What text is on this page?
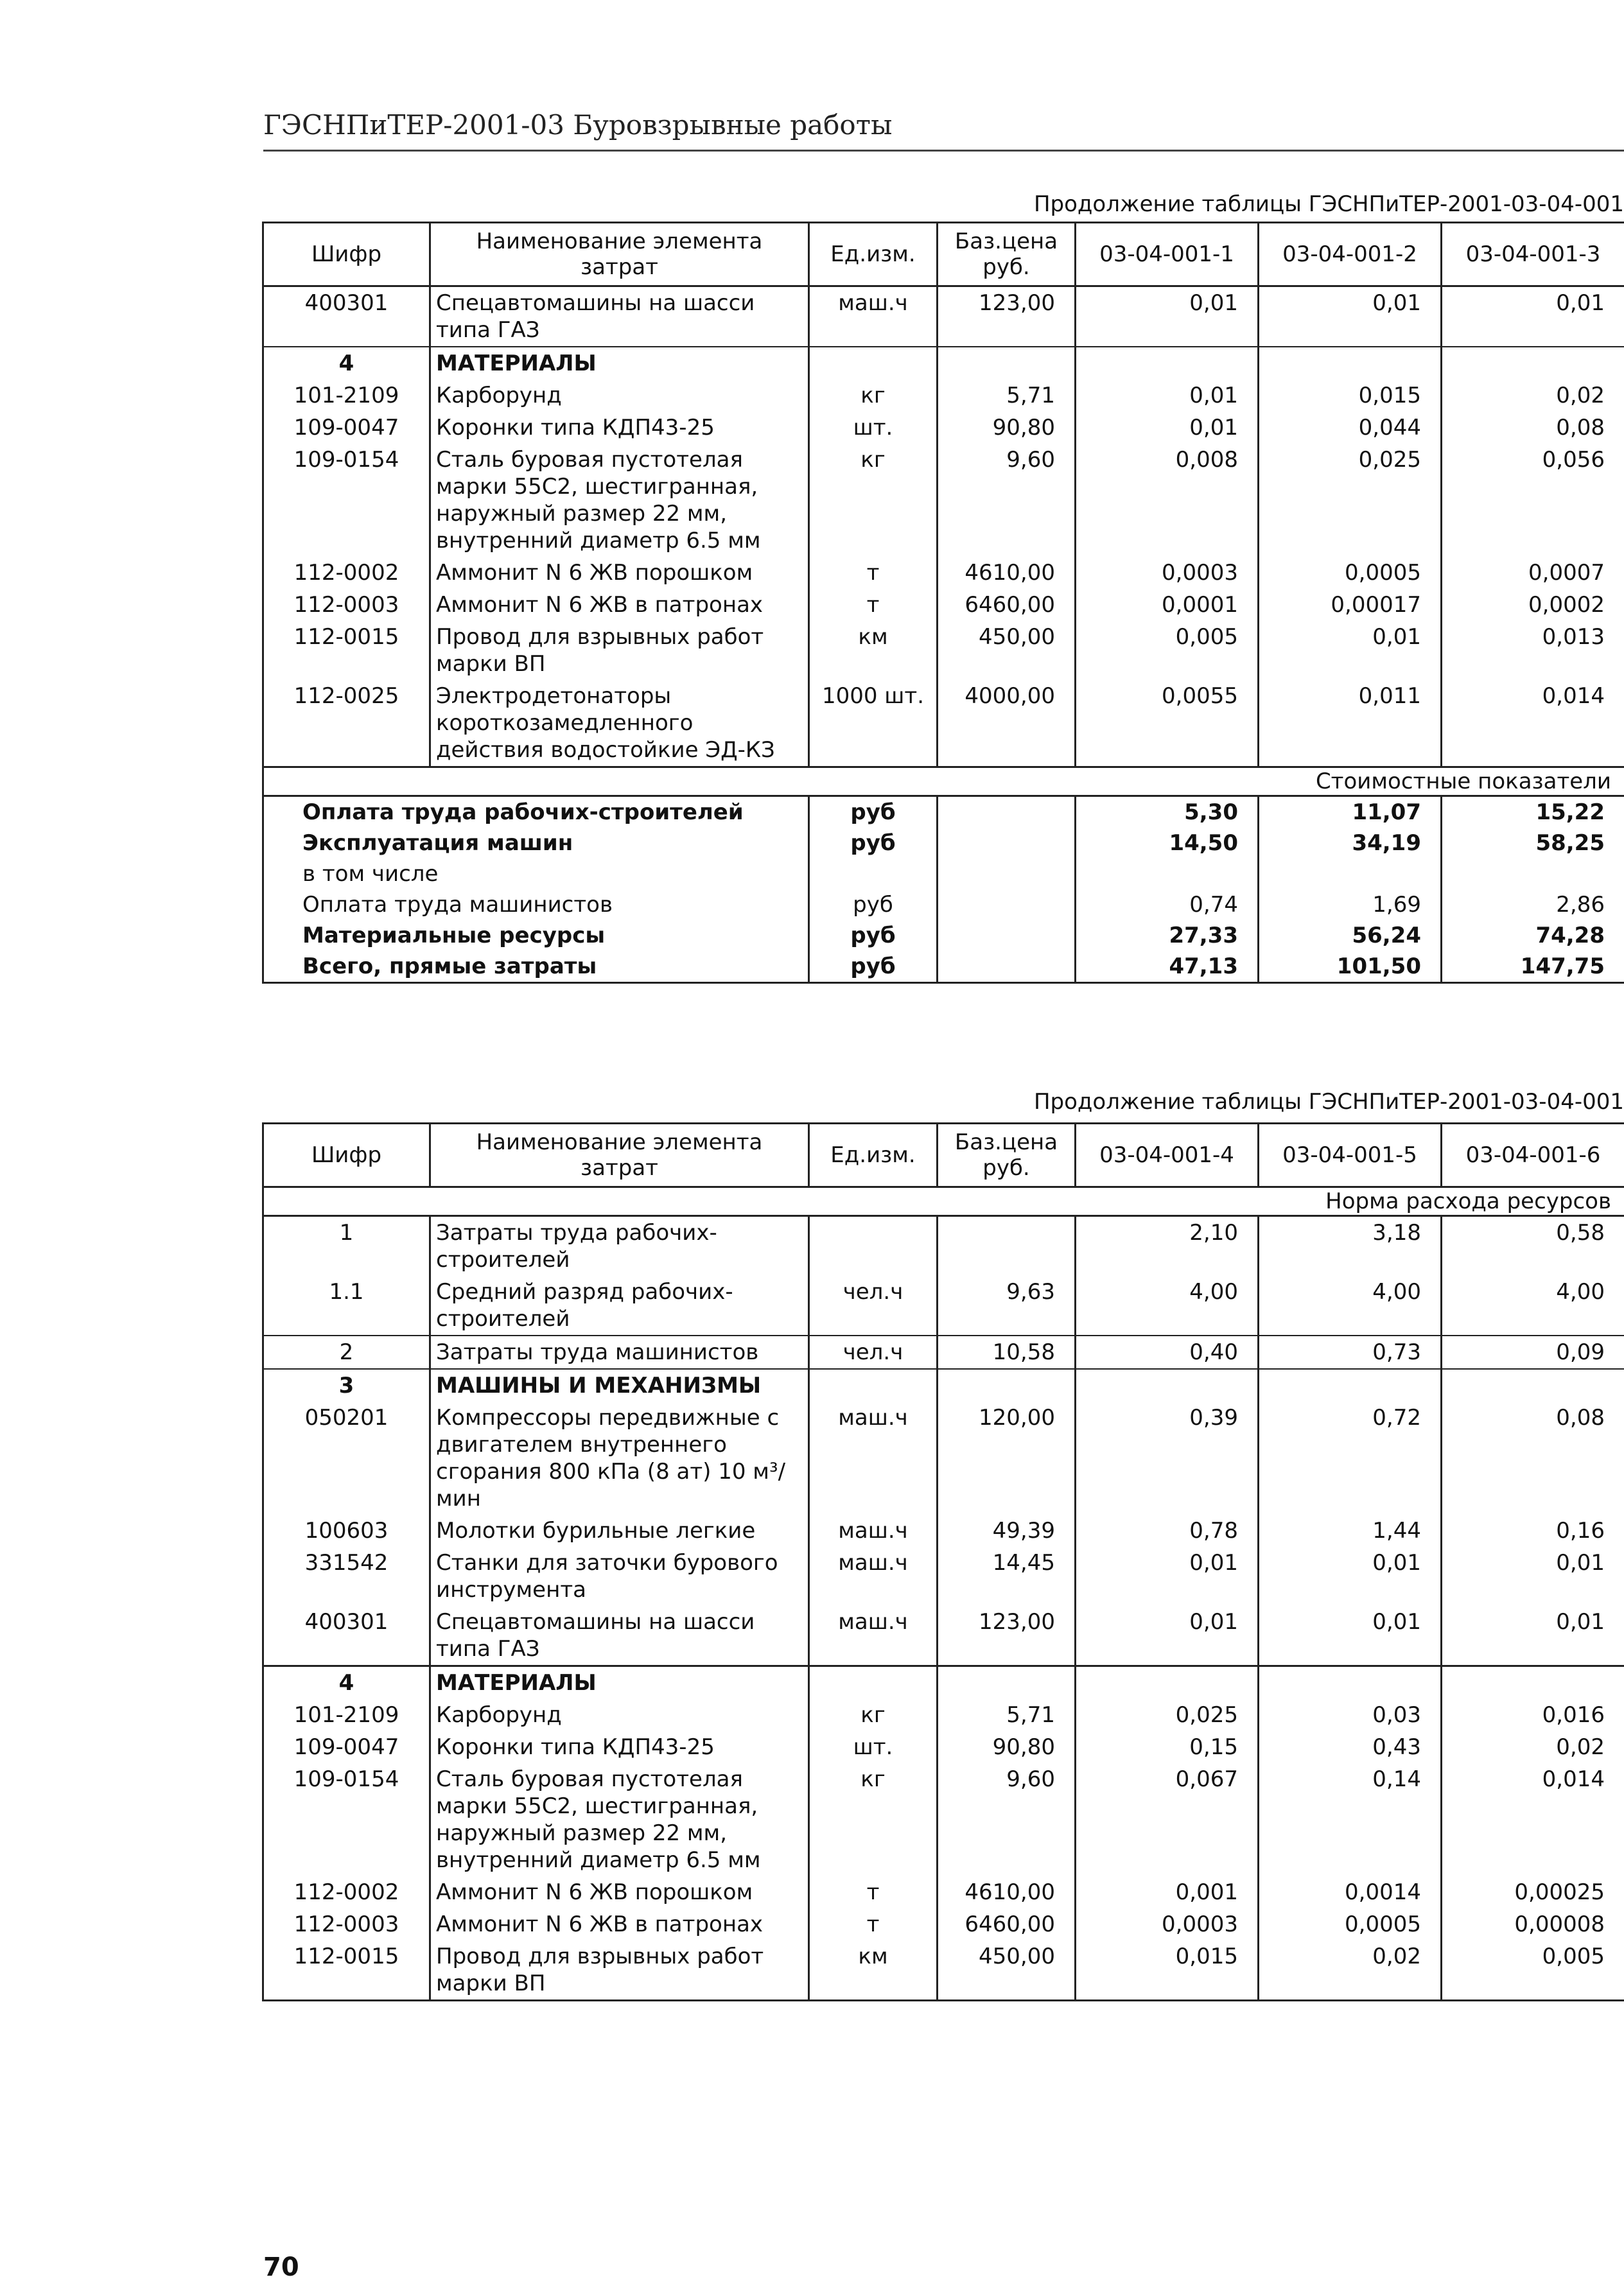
ГЭСНПиТЕР-2001-03 Буровзрывные работы
Продолжение таблицы ГЭСНПиТЕР-2001-03-04-001
Шифр	Наименование элемента затрат	Ед.изм.	Баз.цена руб.	03-04-001-1	03-04-001-2	03-04-001-3
400301	Спецавтомашины на шасси типа ГАЗ	маш.ч	123,00	0,01	0,01	0,01
4	МАТЕРИАЛЫ					
101-2109	Карборунд	кг	5,71	0,01	0,015	0,02
109-0047	Коронки типа КДП43-25	шт.	90,80	0,01	0,044	0,08
109-0154	Сталь буровая пустотелая марки 55С2, шестигранная, наружный размер 22 мм, внутренний диаметр 6.5 мм	кг	9,60	0,008	0,025	0,056
112-0002	Аммонит N 6 ЖВ порошком	т	4610,00	0,0003	0,0005	0,0007
112-0003	Аммонит N 6 ЖВ в патронах	т	6460,00	0,0001	0,00017	0,0002
112-0015	Провод для взрывных работ марки ВП	км	450,00	0,005	0,01	0,013
112-0025	Электродетонаторы короткозамедленного действия водостойкие ЭД-КЗ	1000 шт.	4000,00	0,0055	0,011	0,014
Стоимостные показатели						
Оплата труда рабочих-строителей		руб		5,30	11,07	15,22
Эксплуатация машин		руб		14,50	34,19	58,25
в том числе						
Оплата труда машинистов		руб		0,74	1,69	2,86
Материальные ресурсы		руб		27,33	56,24	74,28
Всего, прямые затраты		руб		47,13	101,50	147,75
Продолжение таблицы ГЭСНПиТЕР-2001-03-04-001
Шифр	Наименование элемента затрат	Ед.изм.	Баз.цена руб.	03-04-001-4	03-04-001-5	03-04-001-6
Норма расхода ресурсов						
1	Затраты труда рабочих-строителей			2,10	3,18	0,58
1.1	Средний разряд рабочих-строителей	чел.ч	9,63	4,00	4,00	4,00
2	Затраты труда машинистов	чел.ч	10,58	0,40	0,73	0,09
3	МАШИНЫ И МЕХАНИЗМЫ					
050201	Компрессоры передвижные с двигателем внутреннего сгорания 800 кПа (8 ат) 10 м³/мин	маш.ч	120,00	0,39	0,72	0,08
100603	Молотки бурильные легкие	маш.ч	49,39	0,78	1,44	0,16
331542	Станки для заточки бурового инструмента	маш.ч	14,45	0,01	0,01	0,01
400301	Спецавтомашины на шасси типа ГАЗ	маш.ч	123,00	0,01	0,01	0,01
4	МАТЕРИАЛЫ					
101-2109	Карборунд	кг	5,71	0,025	0,03	0,016
109-0047	Коронки типа КДП43-25	шт.	90,80	0,15	0,43	0,02
109-0154	Сталь буровая пустотелая марки 55С2, шестигранная, наружный размер 22 мм, внутренний диаметр 6.5 мм	кг	9,60	0,067	0,14	0,014
112-0002	Аммонит N 6 ЖВ порошком	т	4610,00	0,001	0,0014	0,00025
112-0003	Аммонит N 6 ЖВ в патронах	т	6460,00	0,0003	0,0005	0,00008
112-0015	Провод для взрывных работ марки ВП	км	450,00	0,015	0,02	0,005
70
